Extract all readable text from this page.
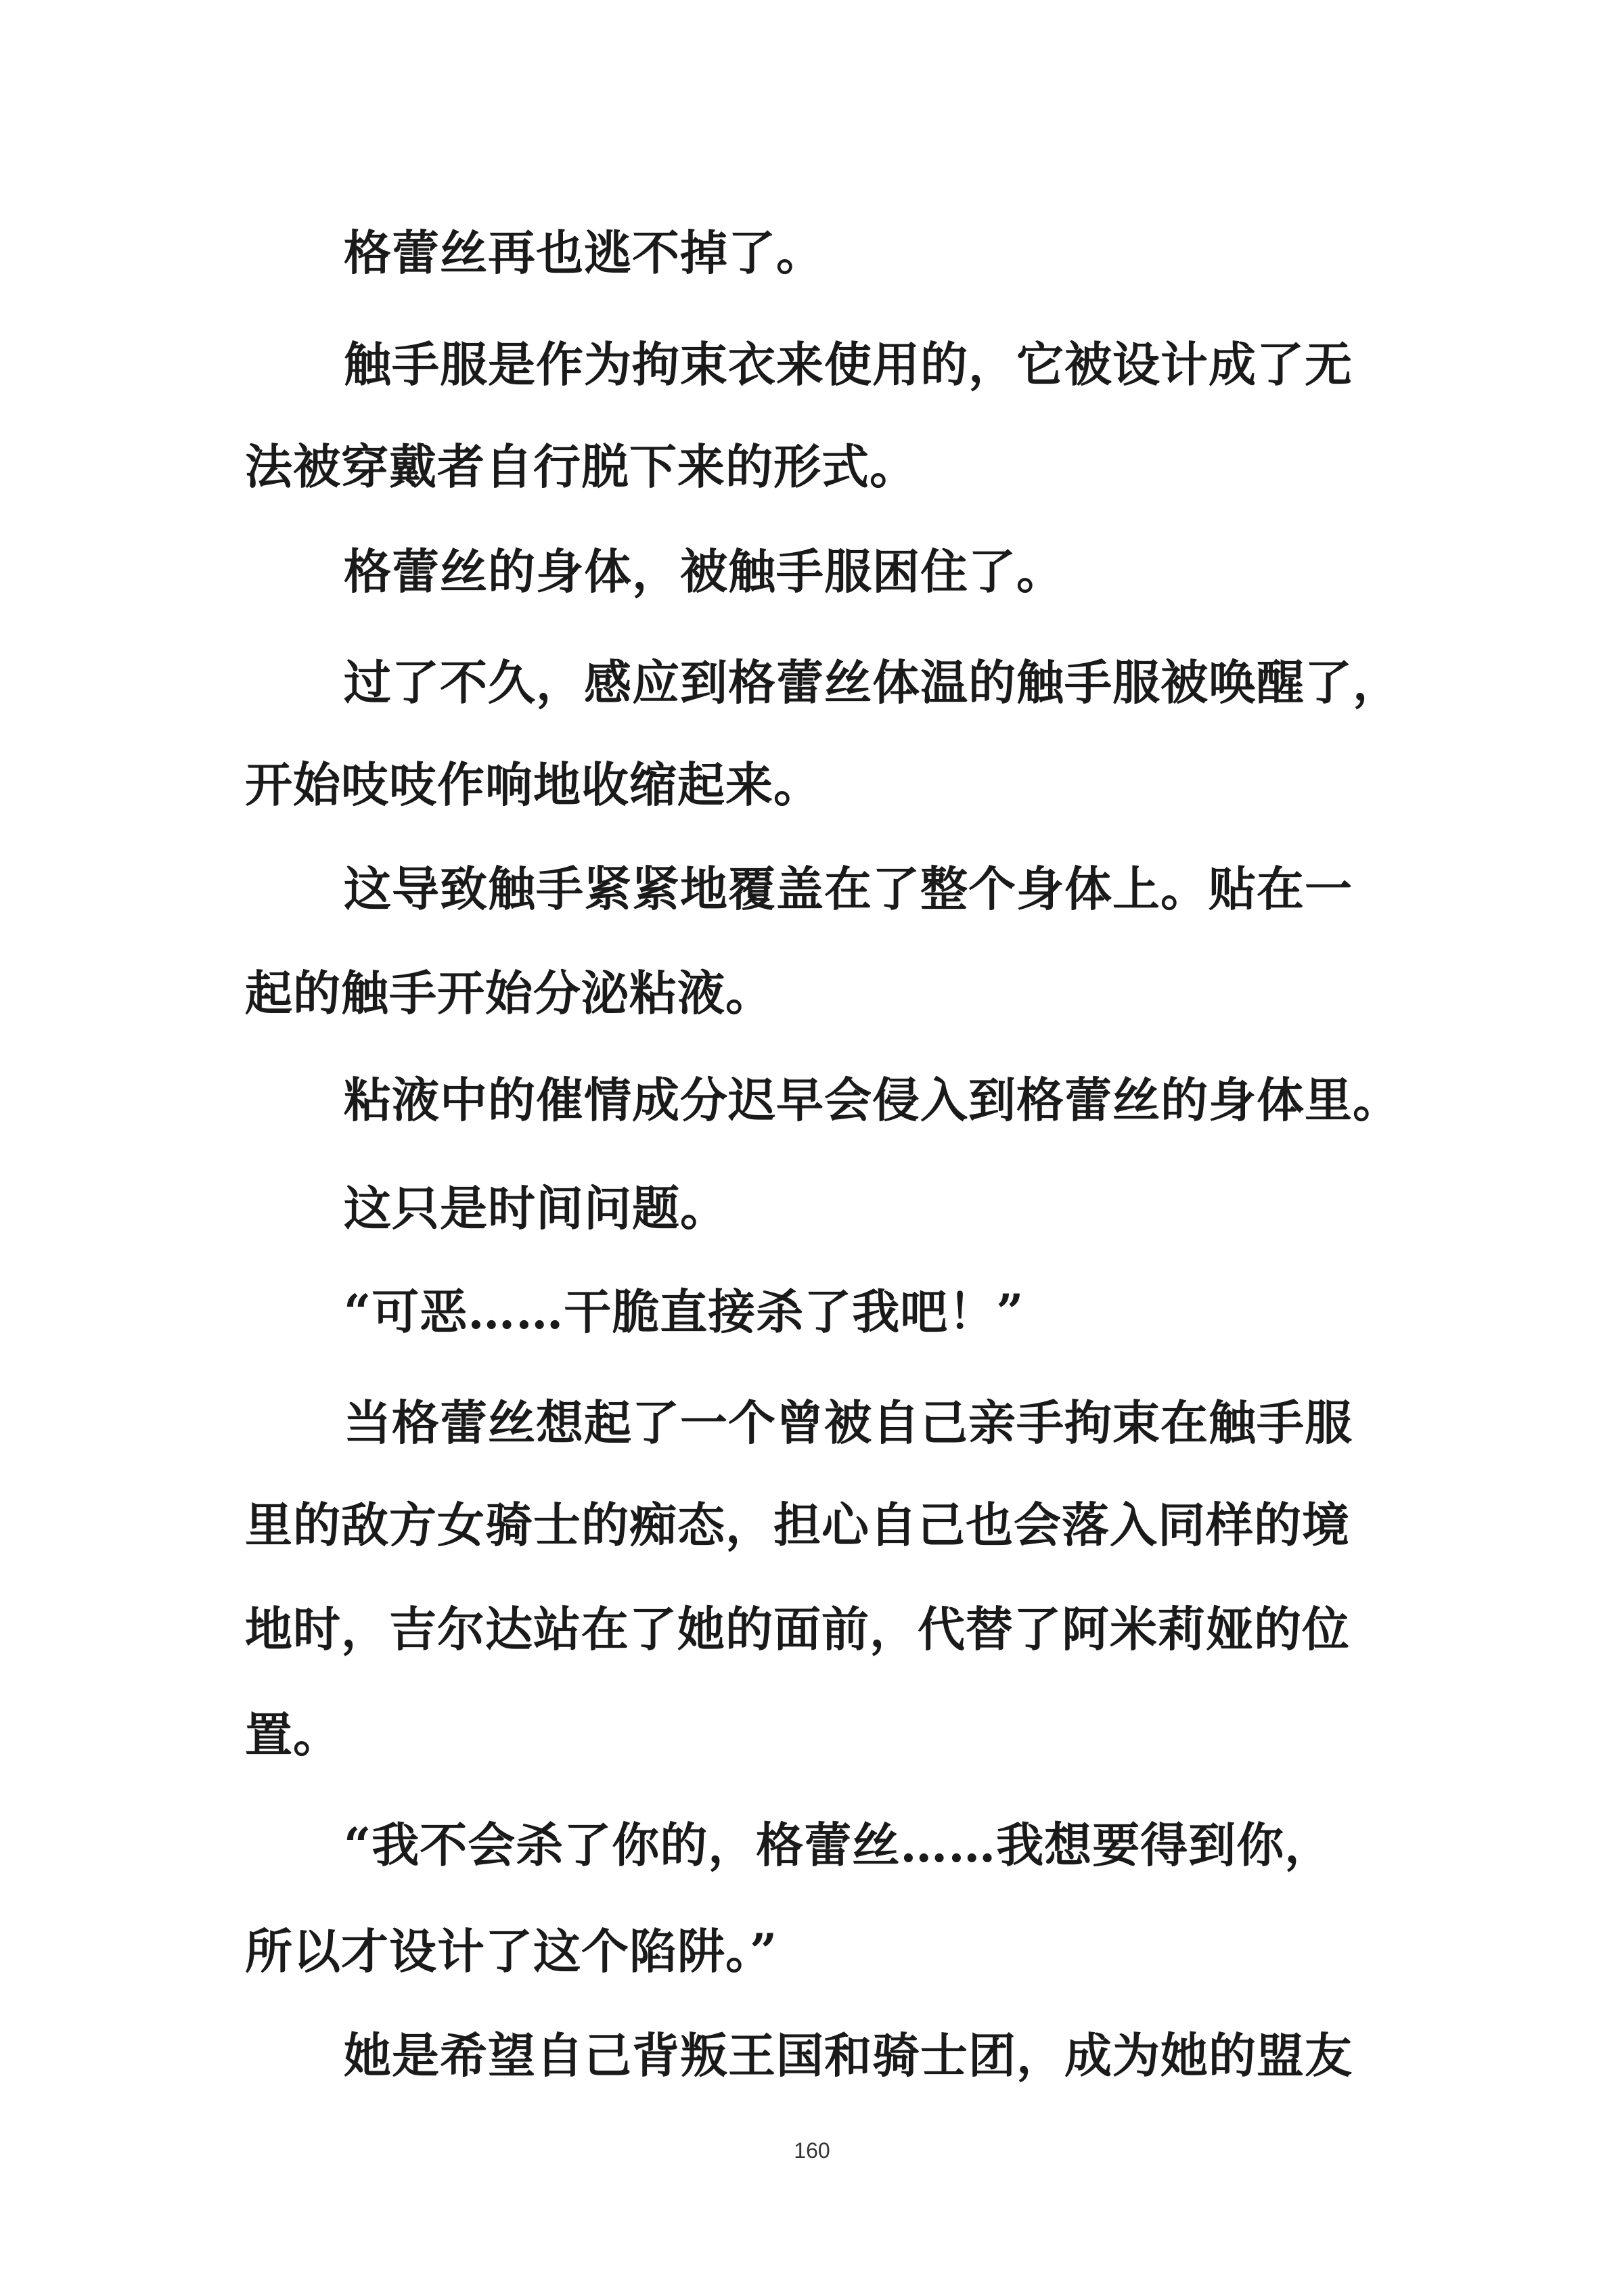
格蕾丝再也逃不掉了。
触手服是作为拘束衣来使用的，它被设计成了无
法被穿戴者自行脱下来的形式。
格蕾丝的身体，被触手服困住了。
过了不久，感应到格蕾丝体温的触手服被唤醒了，
开始吱吱作响地收缩起来。
这导致触手紧紧地覆盖在了整个身体上。贴在一
起的触手开始分泌粘液。
粘液中的催情成分迟早会侵入到格蕾丝的身体里。
这只是时间问题。
“可恶……干脆直接杀了我吧！”
当格蕾丝想起了一个曾被自己亲手拘束在触手服
里的敌方女骑士的痴态，担心自己也会落入同样的境
地时，吉尔达站在了她的面前，代替了阿米莉娅的位
置。
“我不会杀了你的，格蕾丝……我想要得到你，
所以才设计了这个陷阱。”
她是希望自己背叛王国和骑士团，成为她的盟友
160
